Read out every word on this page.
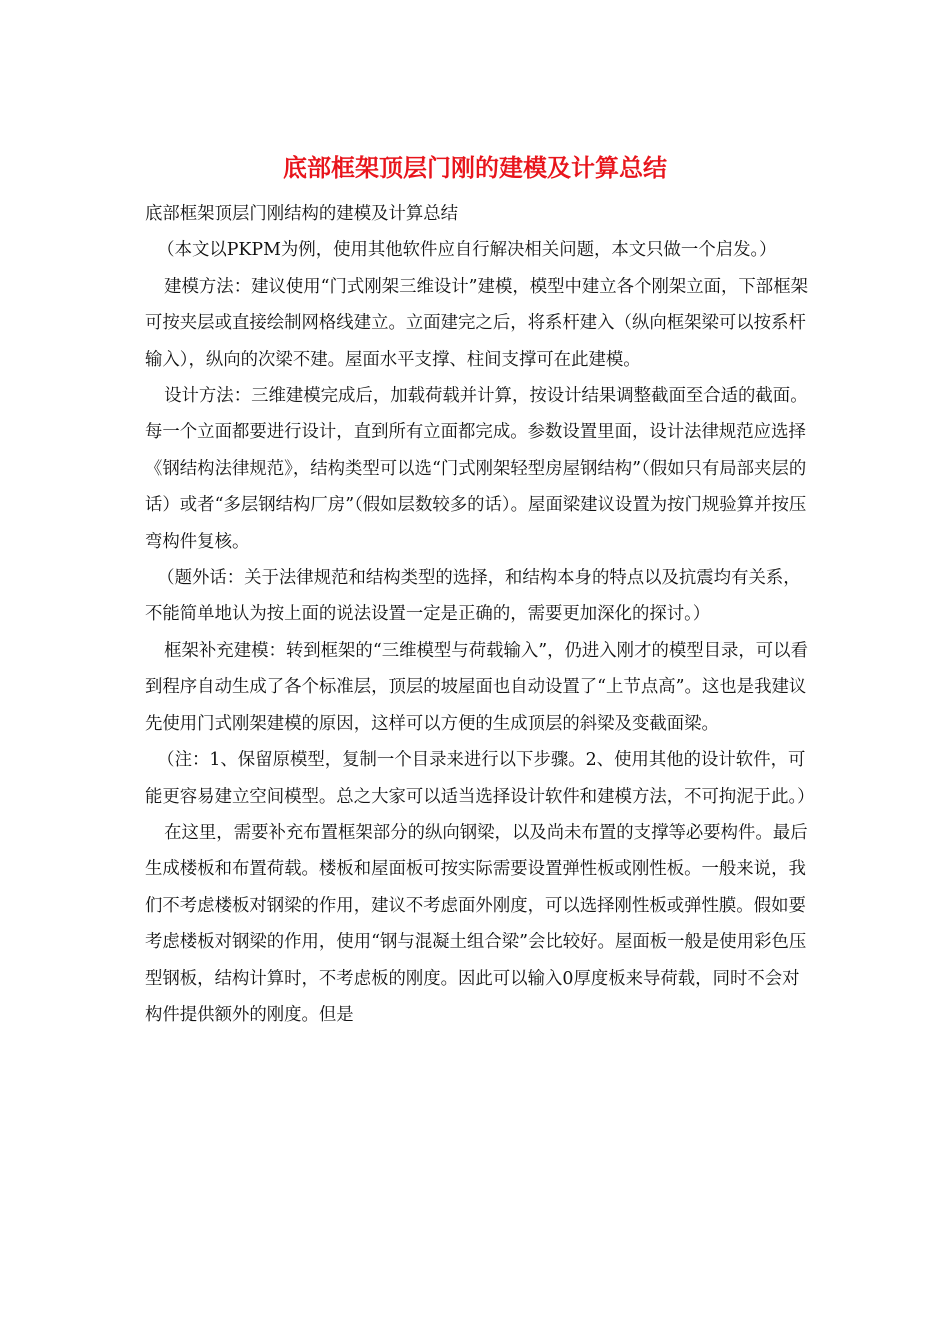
底部框架顶层门刚的建模及计算总结

底部框架顶层门刚结构的建模及计算总结

（本文以PKPM为例，使用其他软件应自行解决相关问题，本文只做一个启发。）

建模方法：建议使用“门式刚架三维设计”建模，模型中建立各个刚架立面，下部框架可按夹层或直接绘制网格线建立。立面建完之后，将系杆建入（纵向框架梁可以按系杆输入），纵向的次梁不建。屋面水平支撑、柱间支撑可在此建模。

设计方法：三维建模完成后，加载荷载并计算，按设计结果调整截面至合适的截面。每一个立面都要进行设计，直到所有立面都完成。参数设置里面，设计法律规范应选择《钢结构法律规范》，结构类型可以选“门式刚架轻型房屋钢结构”（假如只有局部夹层的话）或者“多层钢结构厂房”（假如层数较多的话）。屋面梁建议设置为按门规验算并按压弯构件复核。

（题外话：关于法律规范和结构类型的选择，和结构本身的特点以及抗震均有关系，不能简单地认为按上面的说法设置一定是正确的，需要更加深化的探讨。）

框架补充建模：转到框架的“三维模型与荷载输入”，仍进入刚才的模型目录，可以看到程序自动生成了各个标准层，顶层的坡屋面也自动设置了“上节点高”。这也是我建议先使用门式刚架建模的原因，这样可以方便的生成顶层的斜梁及变截面梁。

（注：1、保留原模型，复制一个目录来进行以下步骤。2、使用其他的设计软件，可能更容易建立空间模型。总之大家可以适当选择设计软件和建模方法，不可拘泥于此。）

在这里，需要补充布置框架部分的纵向钢梁，以及尚未布置的支撑等必要构件。最后生成楼板和布置荷载。楼板和屋面板可按实际需要设置弹性板或刚性板。一般来说，我们不考虑楼板对钢梁的作用，建议不考虑面外刚度，可以选择刚性板或弹性膜。假如要考虑楼板对钢梁的作用，使用“钢与混凝土组合梁”会比较好。屋面板一般是使用彩色压型钢板，结构计算时，不考虑板的刚度。因此可以输入0厚度板来导荷载，同时不会对构件提供额外的刚度。但是
